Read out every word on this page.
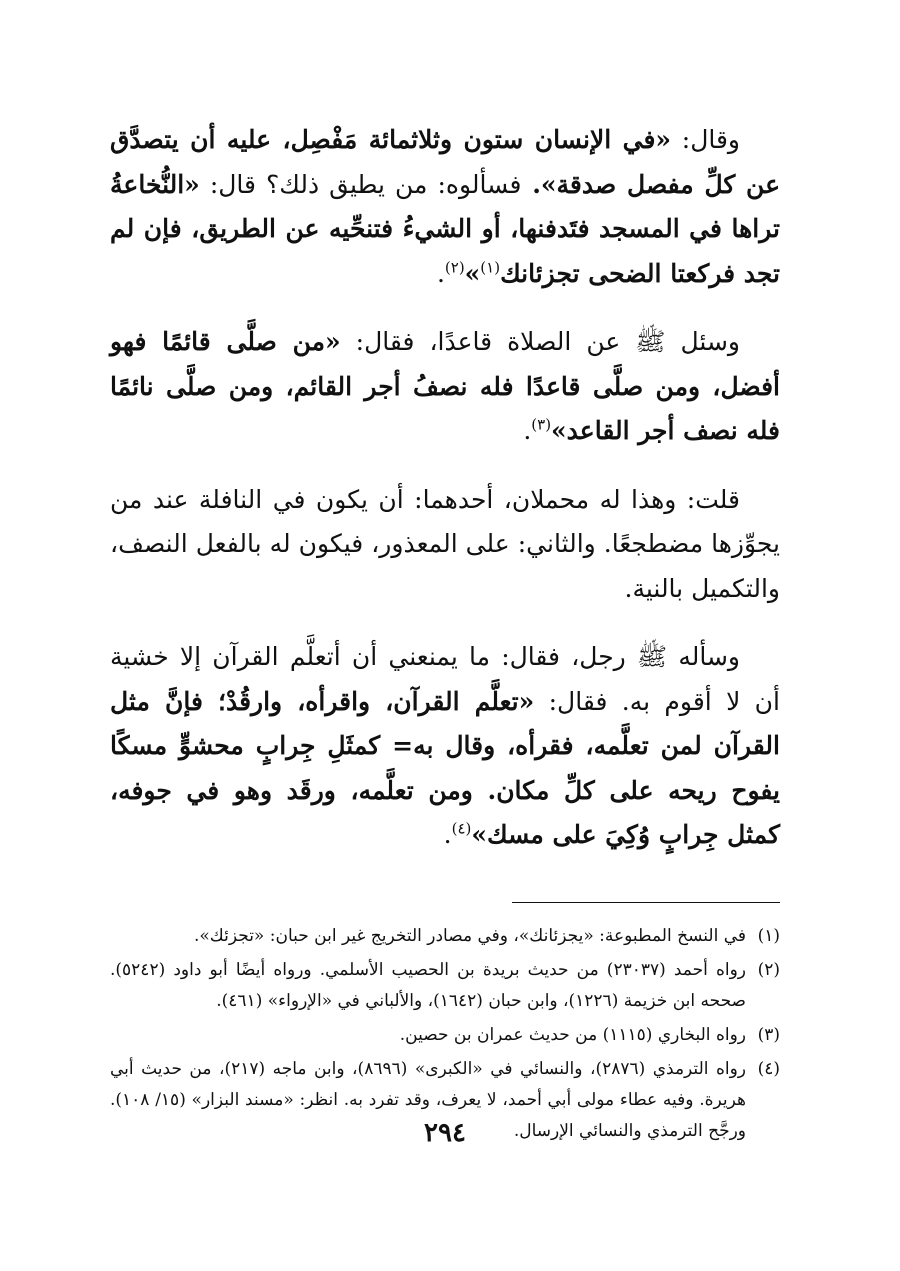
وقال: «في الإنسان ستون وثلاثمائة مَفْصِل، عليه أن يتصدَّق عن كلِّ مفصل صدقة». فسألوه: من يطيق ذلك؟ قال: «النُّخاعةُ تراها في المسجد فتَدفنها، أو الشيءُ فتنحِّيه عن الطريق، فإن لم تجد فركعتا الضحى تجزئانك$^{(١)}$»$^{(٢)}$.

وسئل ﷺ عن الصلاة قاعدًا، فقال: «من صلَّى قائمًا فهو أفضل، ومن صلَّى قاعدًا فله نصفُ أجر القائم، ومن صلَّى نائمًا فله نصف أجر القاعد»$^{(٣)}$.

قلت: وهذا له محملان، أحدهما: أن يكون في النافلة عند من يجوِّزها مضطجعًا. والثاني: على المعذور، فيكون له بالفعل النصف، والتكميل بالنية.

وسأله ﷺ رجل، فقال: ما يمنعني أن أتعلَّم القرآن إلا خشية أن لا أقوم به. فقال: «تعلَّم القرآن، واقرأه، وارقُدْ؛ فإنَّ مثل القرآن لمن تعلَّمه، فقرأه، وقال به= كمثَلِ جِرابٍ محشوٍّ مسكًا يفوح ريحه على كلِّ مكان. ومن تعلَّمه، ورقَد وهو في جوفه، كمثل جِرابٍ وُكِيَ على مسك»$^{(٤)}$.

(١)
في النسخ المطبوعة: «يجزئانك»، وفي مصادر التخريج غير ابن حبان: «تجزئك».
(٢)
رواه أحمد (٢٣٠٣٧) من حديث بريدة بن الحصيب الأسلمي. ورواه أيضًا أبو داود (٥٢٤٢). صححه ابن خزيمة (١٢٢٦)، وابن حبان (١٦٤٢)، والألباني في «الإرواء» (٤٦١).
(٣)
رواه البخاري (١١١٥) من حديث عمران بن حصين.
(٤)
رواه الترمذي (٢٨٧٦)، والنسائي في «الكبرى» (٨٦٩٦)، وابن ماجه (٢١٧)، من حديث أبي هريرة. وفيه عطاء مولى أبي أحمد، لا يعرف، وقد تفرد به. انظر: «مسند البزار» (١٥/ ١٠٨). ورجَّح الترمذي والنسائي الإرسال.
٢٩٤
